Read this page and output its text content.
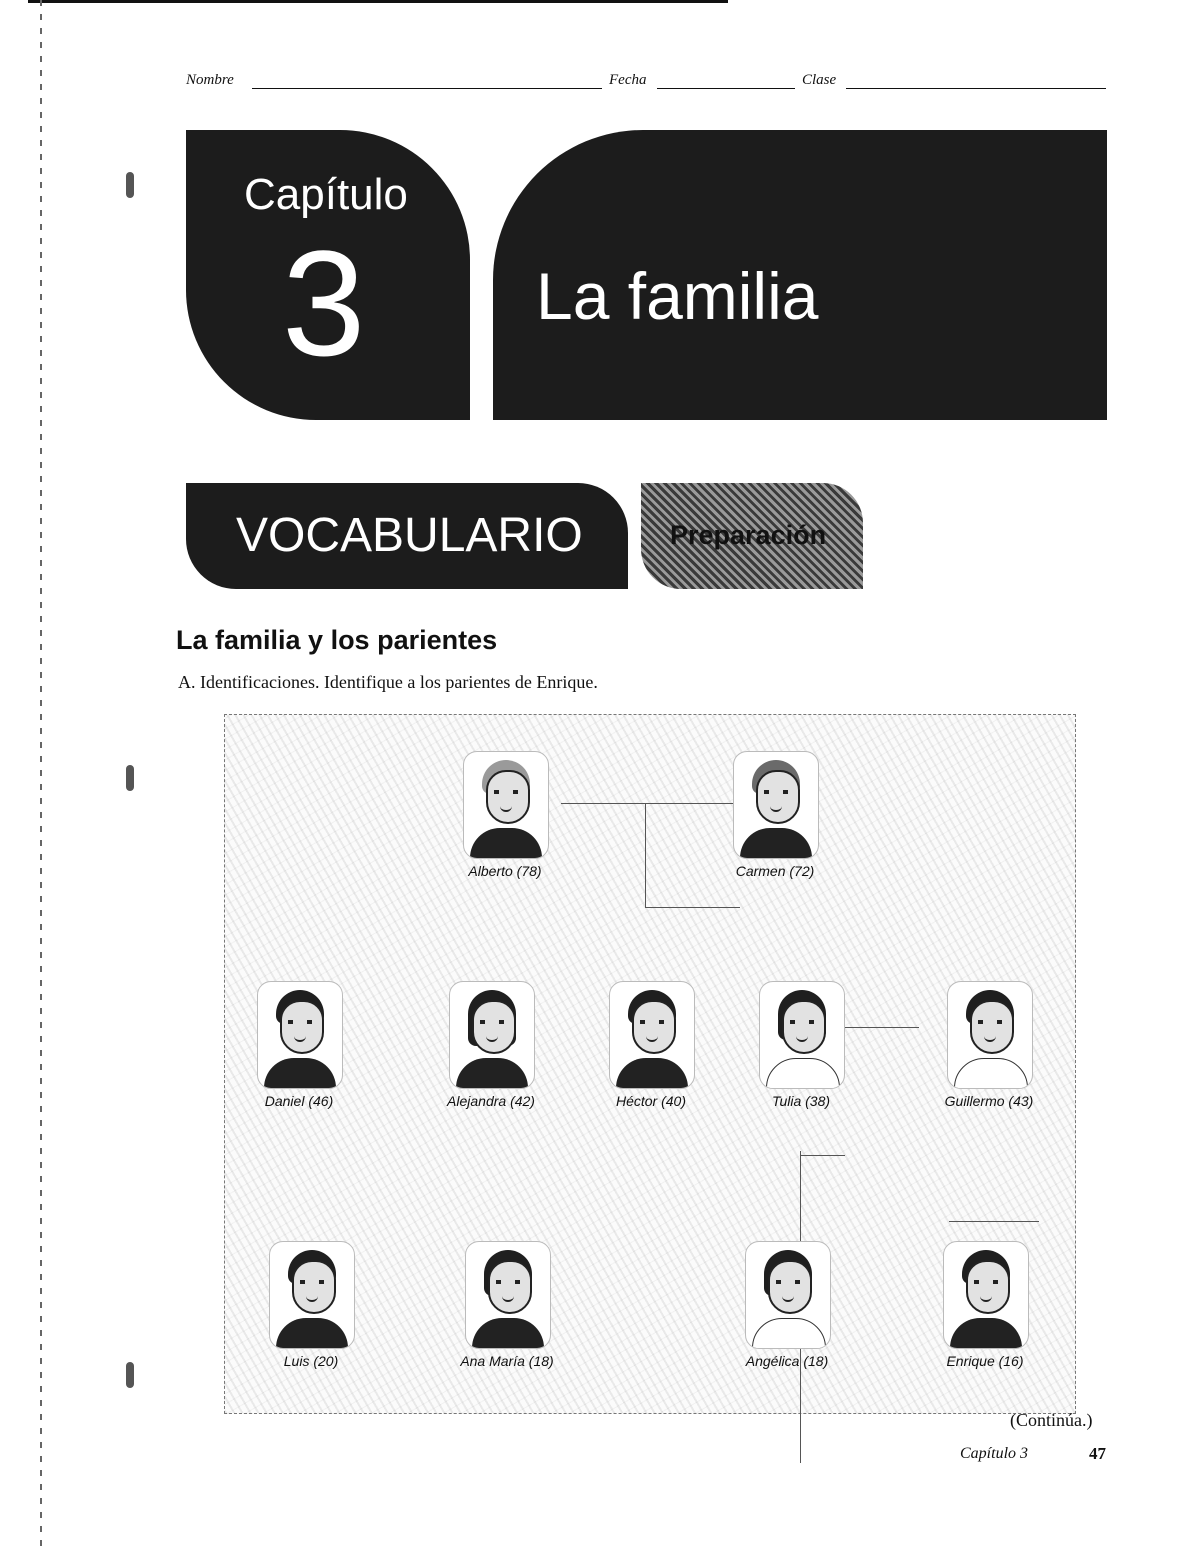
Nombre	Fecha	Clase
Capítulo
3	La familia
VOCABULARIO	Preparación
La familia y los parientes
A. Identificaciones. Identifique a los parientes de Enrique.
Alberto (78)	Carmen (72)
Daniel (46)	Alejandra (42)	Héctor (40)	Tulia (38)	Guillermo (43)
Luis (20)	Ana María (18)	Angélica (18)	Enrique (16)
(Continúa.)
Capítulo 3	47
